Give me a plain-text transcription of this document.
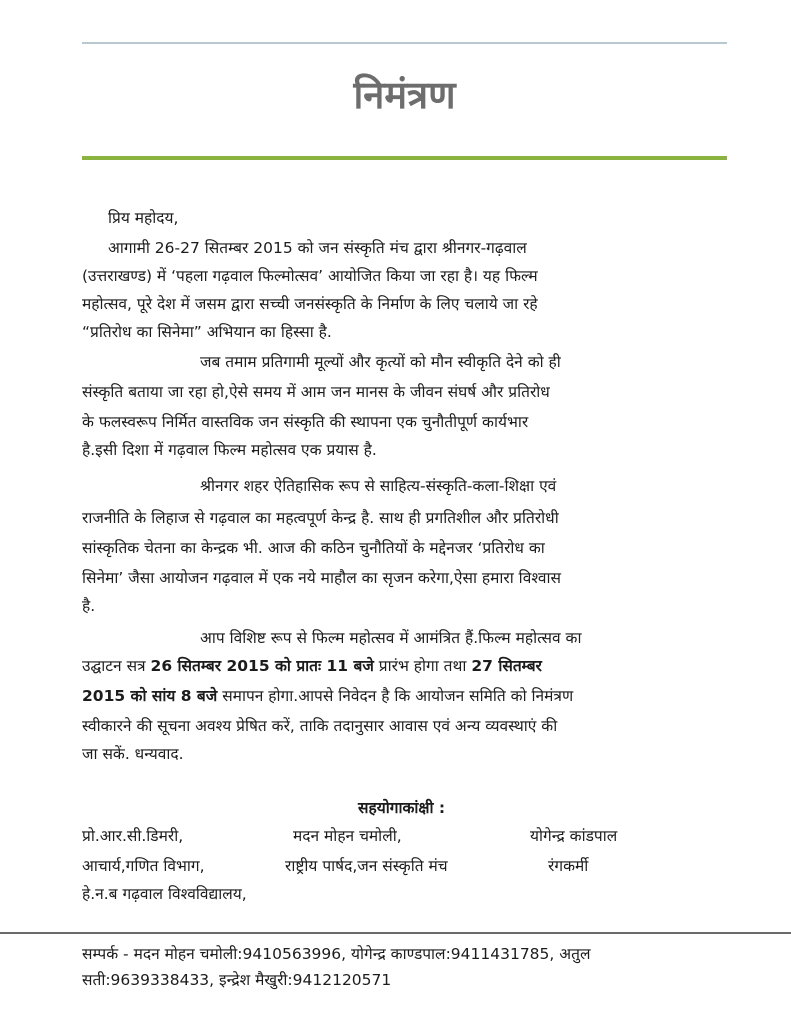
निमंत्रण
प्रिय महोदय,
आगामी 26-27 सितम्बर 2015 को जन संस्कृति मंच द्वारा श्रीनगर-गढ़वाल
(उत्तराखण्ड) में ‘पहला गढ़वाल फिल्मोत्सव’ आयोजित किया जा रहा है। यह फिल्म
महोत्सव, पूरे देश में जसम द्वारा सच्ची जनसंस्कृति के निर्माण के लिए चलाये जा रहे
“प्रतिरोध का सिनेमा” अभियान का हिस्सा है.
जब तमाम प्रतिगामी मूल्यों और कृत्यों को मौन स्वीकृति देने को ही
संस्कृति बताया जा रहा हो,ऐसे समय में आम जन मानस के जीवन संघर्ष और प्रतिरोध
के फलस्वरूप निर्मित वास्तविक जन संस्कृति की स्थापना एक चुनौतीपूर्ण कार्यभार
है.इसी दिशा में गढ़वाल फिल्म महोत्सव एक प्रयास है.
श्रीनगर शहर ऐतिहासिक रूप से साहित्य-संस्कृति-कला-शिक्षा एवं
राजनीति के लिहाज से गढ़वाल का महत्वपूर्ण केन्द्र है. साथ ही प्रगतिशील और प्रतिरोधी
सांस्कृतिक चेतना का केन्द्रक भी. आज की कठिन चुनौतियों के मद्देनजर ‘प्रतिरोध का
सिनेमा’ जैसा आयोजन गढ़वाल में एक नये माहौल का सृजन करेगा,ऐसा हमारा विश्वास
है.
आप विशिष्ट रूप से फिल्म महोत्सव में आमंत्रित हैं.फिल्म महोत्सव का
उद्घाटन सत्र 26 सितम्बर 2015 को प्रातः 11 बजे प्रारंभ होगा तथा 27 सितम्बर
2015 को सांय 8 बजे समापन होगा.आपसे निवेदन है कि आयोजन समिति को निमंत्रण
स्वीकारने की सूचना अवश्य प्रेषित करें, ताकि तदानुसार आवास एवं अन्य व्यवस्थाएं की
जा सकें. धन्यवाद.
सहयोगाकांक्षी :
प्रो.आर.सी.डिमरी,	मदन मोहन चमोली,	योगेन्द्र कांडपाल
आचार्य,गणित विभाग,	राष्ट्रीय पार्षद,जन संस्कृति मंच	रंगकर्मी
हे.न.ब गढ़वाल विश्वविद्यालय,
सम्पर्क - मदन मोहन चमोली:9410563996, योगेन्द्र काण्डपाल:9411431785, अतुल
सती:9639338433, इन्द्रेश मैखुरी:9412120571
